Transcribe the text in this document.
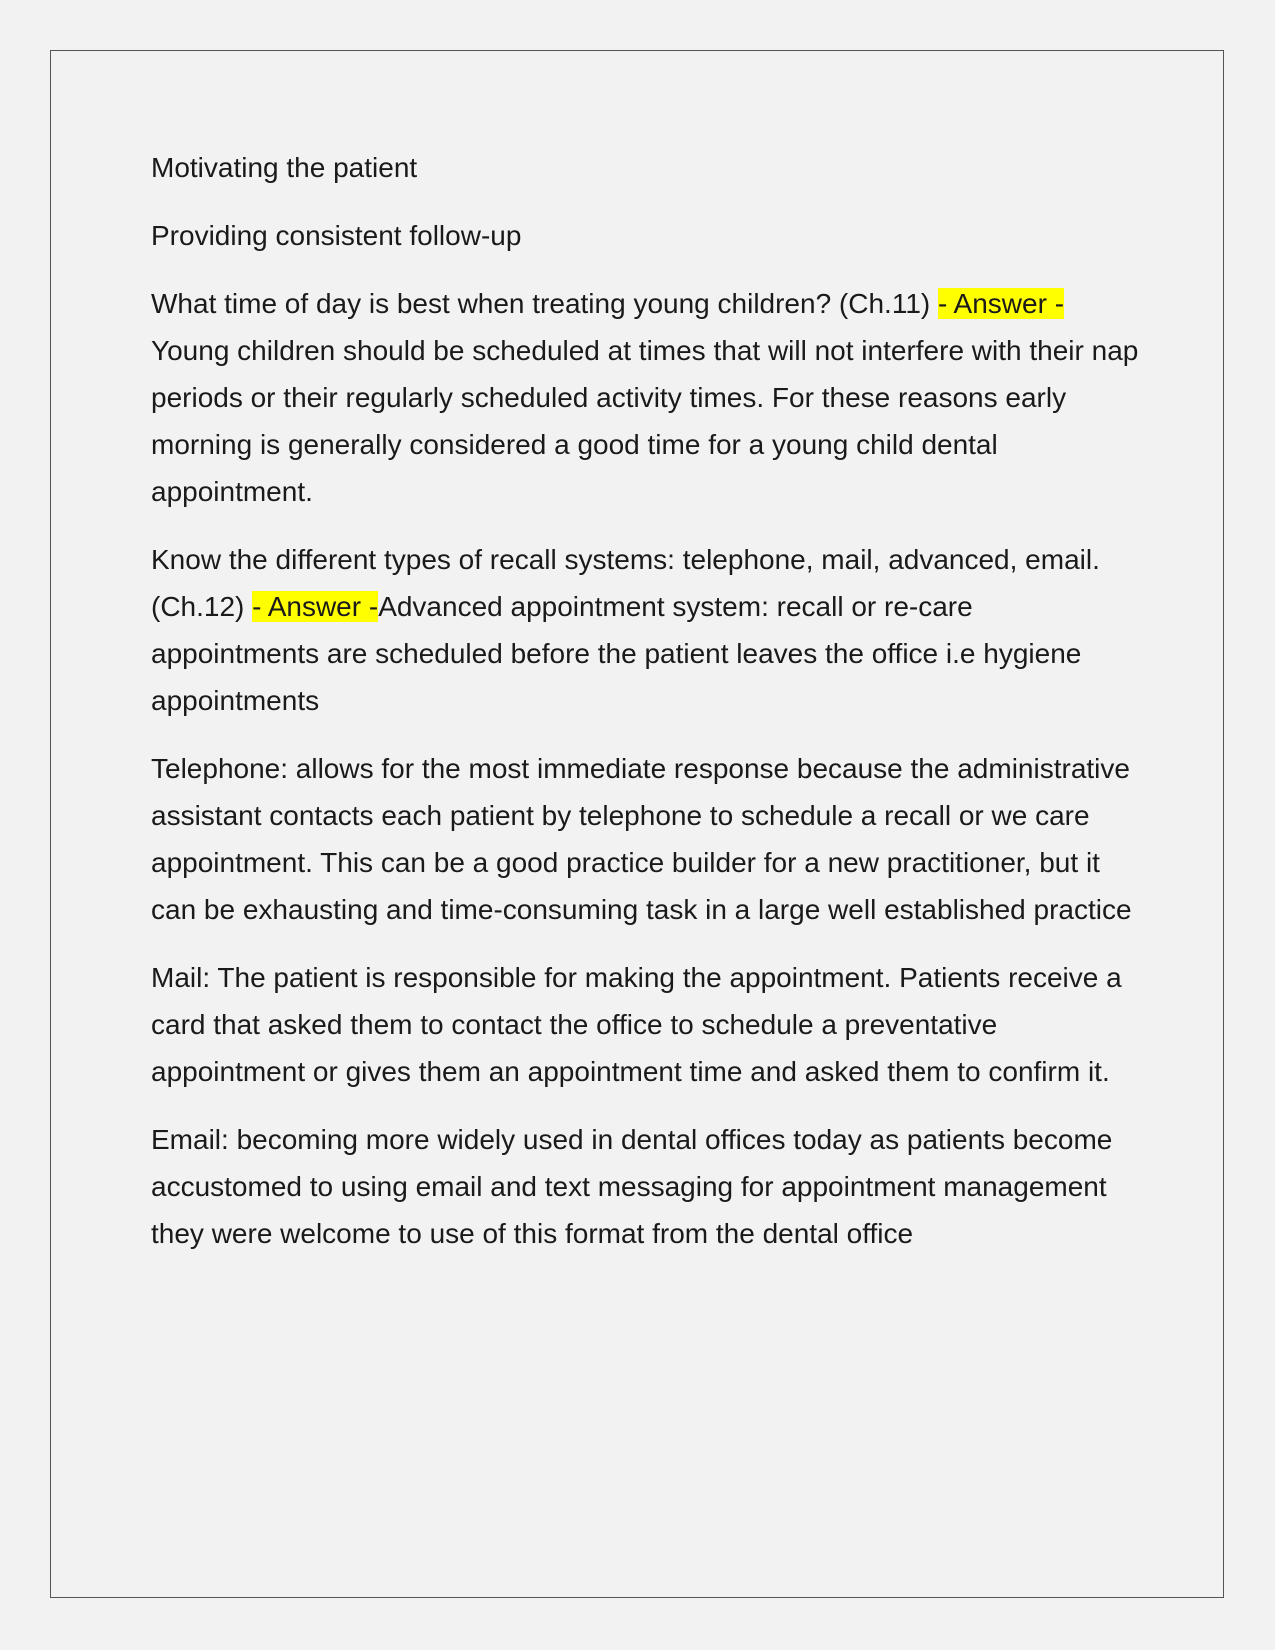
Motivating the patient

Providing consistent follow-up

What time of day is best when treating young children? (Ch.11) - Answer -Young children should be scheduled at times that will not interfere with their nap periods or their regularly scheduled activity times. For these reasons early morning is generally considered a good time for a young child dental appointment.

Know the different types of recall systems: telephone, mail, advanced, email. (Ch.12) - Answer -Advanced appointment system: recall or re-care appointments are scheduled before the patient leaves the office i.e hygiene appointments

Telephone: allows for the most immediate response because the administrative assistant contacts each patient by telephone to schedule a recall or we care appointment. This can be a good practice builder for a new practitioner, but it can be exhausting and time-consuming task in a large well established practice

Mail: The patient is responsible for making the appointment. Patients receive a card that asked them to contact the office to schedule a preventative appointment or gives them an appointment time and asked them to confirm it.

Email: becoming more widely used in dental offices today as patients become accustomed to using email and text messaging for appointment management they were welcome to use of this format from the dental office
